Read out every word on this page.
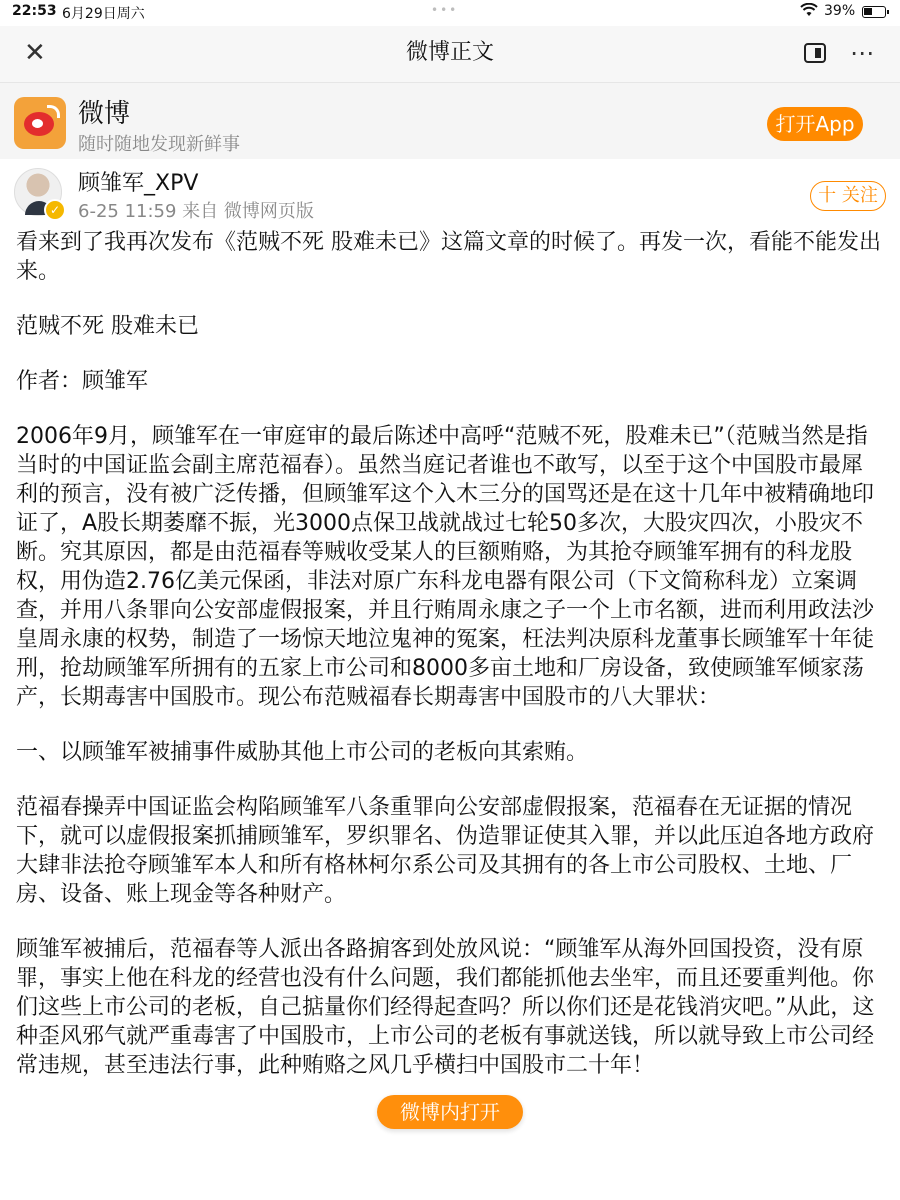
22:53 6月29日周六	•••	39%
✕	微博正文	⋯
微博
随时随地发现新鲜事
打开App
✓
顾雏军_XPV
6-25 11:59 来自 微博网页版
十 关注

看来到了我再次发布《范贼不死 股难未已》这篇文章的时候了。再发一次，看能不能发出来。

范贼不死 股难未已

作者：顾雏军

2006年9月，顾雏军在一审庭审的最后陈述中高呼“范贼不死，股难未已”（范贼当然是指当时的中国证监会副主席范福春）。虽然当庭记者谁也不敢写，以至于这个中国股市最犀利的预言，没有被广泛传播，但顾雏军这个入木三分的国骂还是在这十几年中被精确地印证了，A股长期萎靡不振，光3000点保卫战就战过七轮50多次，大股灾四次，小股灾不断。究其原因，都是由范福春等贼收受某人的巨额贿赂，为其抢夺顾雏军拥有的科龙股权，用伪造2.76亿美元保函，非法对原广东科龙电器有限公司（下文简称科龙）立案调查，并用八条罪向公安部虚假报案，并且行贿周永康之子一个上市名额，进而利用政法沙皇周永康的权势，制造了一场惊天地泣鬼神的冤案，枉法判决原科龙董事长顾雏军十年徒刑，抢劫顾雏军所拥有的五家上市公司和8000多亩土地和厂房设备，致使顾雏军倾家荡产，长期毒害中国股市。现公布范贼福春长期毒害中国股市的八大罪状：

一、以顾雏军被捕事件威胁其他上市公司的老板向其索贿。

范福春操弄中国证监会构陷顾雏军八条重罪向公安部虚假报案，范福春在无证据的情况下，就可以虚假报案抓捕顾雏军，罗织罪名、伪造罪证使其入罪，并以此压迫各地方政府大肆非法抢夺顾雏军本人和所有格林柯尔系公司及其拥有的各上市公司股权、土地、厂房、设备、账上现金等各种财产。

顾雏军被捕后，范福春等人派出各路掮客到处放风说：“顾雏军从海外回国投资，没有原罪，事实上他在科龙的经营也没有什么问题，我们都能抓他去坐牢，而且还要重判他。你们这些上市公司的老板，自己掂量你们经得起查吗？所以你们还是花钱消灾吧。”从此，这种歪风邪气就严重毒害了中国股市，上市公司的老板有事就送钱，所以就导致上市公司经常违规，甚至违法行事，此种贿赂之风几乎横扫中国股市二十年！

微博内打开
